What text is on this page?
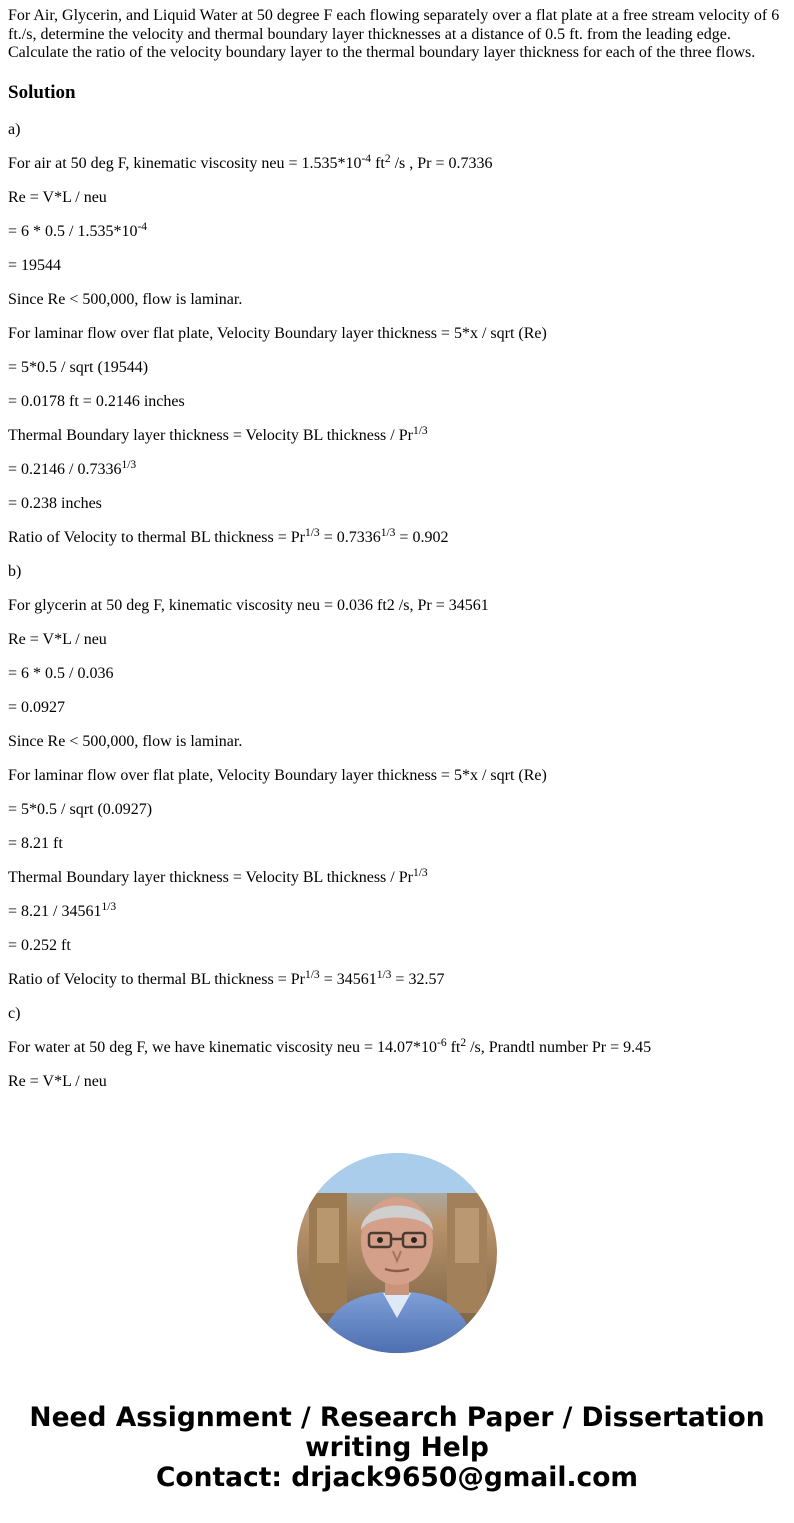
For Air, Glycerin, and Liquid Water at 50 degree F each flowing separately over a flat plate at a free stream velocity of 6 ft./s, determine the velocity and thermal boundary layer thicknesses at a distance of 0.5 ft. from the leading edge. Calculate the ratio of the velocity boundary layer to the thermal boundary layer thickness for each of the three flows.
Solution
a)
For air at 50 deg F, kinematic viscosity neu = $1.535*10^{-4}$ $ft^2$ /s , Pr = 0.7336
Re = V*L / neu
= $6 * 0.5 / 1.535*10^{-4}$
= 19544
Since Re < 500,000, flow is laminar.
For laminar flow over flat plate, Velocity Boundary layer thickness = 5*x / sqrt (Re)
= 5*0.5 / sqrt (19544)
= 0.0178 ft = 0.2146 inches
Thermal Boundary layer thickness = Velocity BL thickness / $Pr^{1/3}$
= $0.2146 / 0.7336^{1/3}$
= 0.238 inches
Ratio of Velocity to thermal BL thickness = $Pr^{1/3} = 0.7336^{1/3} = 0.902$
b)
For glycerin at 50 deg F, kinematic viscosity neu = 0.036 ft2 /s, Pr = 34561
Re = V*L / neu
= 6 * 0.5 / 0.036
= 0.0927
Since Re < 500,000, flow is laminar.
For laminar flow over flat plate, Velocity Boundary layer thickness = 5*x / sqrt (Re)
= 5*0.5 / sqrt (0.0927)
= 8.21 ft
Thermal Boundary layer thickness = Velocity BL thickness / $Pr^{1/3}$
= $8.21 / 34561^{1/3}$
= 0.252 ft
Ratio of Velocity to thermal BL thickness = $Pr^{1/3} = 34561^{1/3} = 32.57$
c)
For water at 50 deg F, we have kinematic viscosity neu = $14.07*10^{-6}$ $ft^2$ /s, Prandtl number Pr = 9.45
Re = V*L / neu
Need Assignment / Research Paper / Dissertation
writing Help
Contact: drjack9650@gmail.com
